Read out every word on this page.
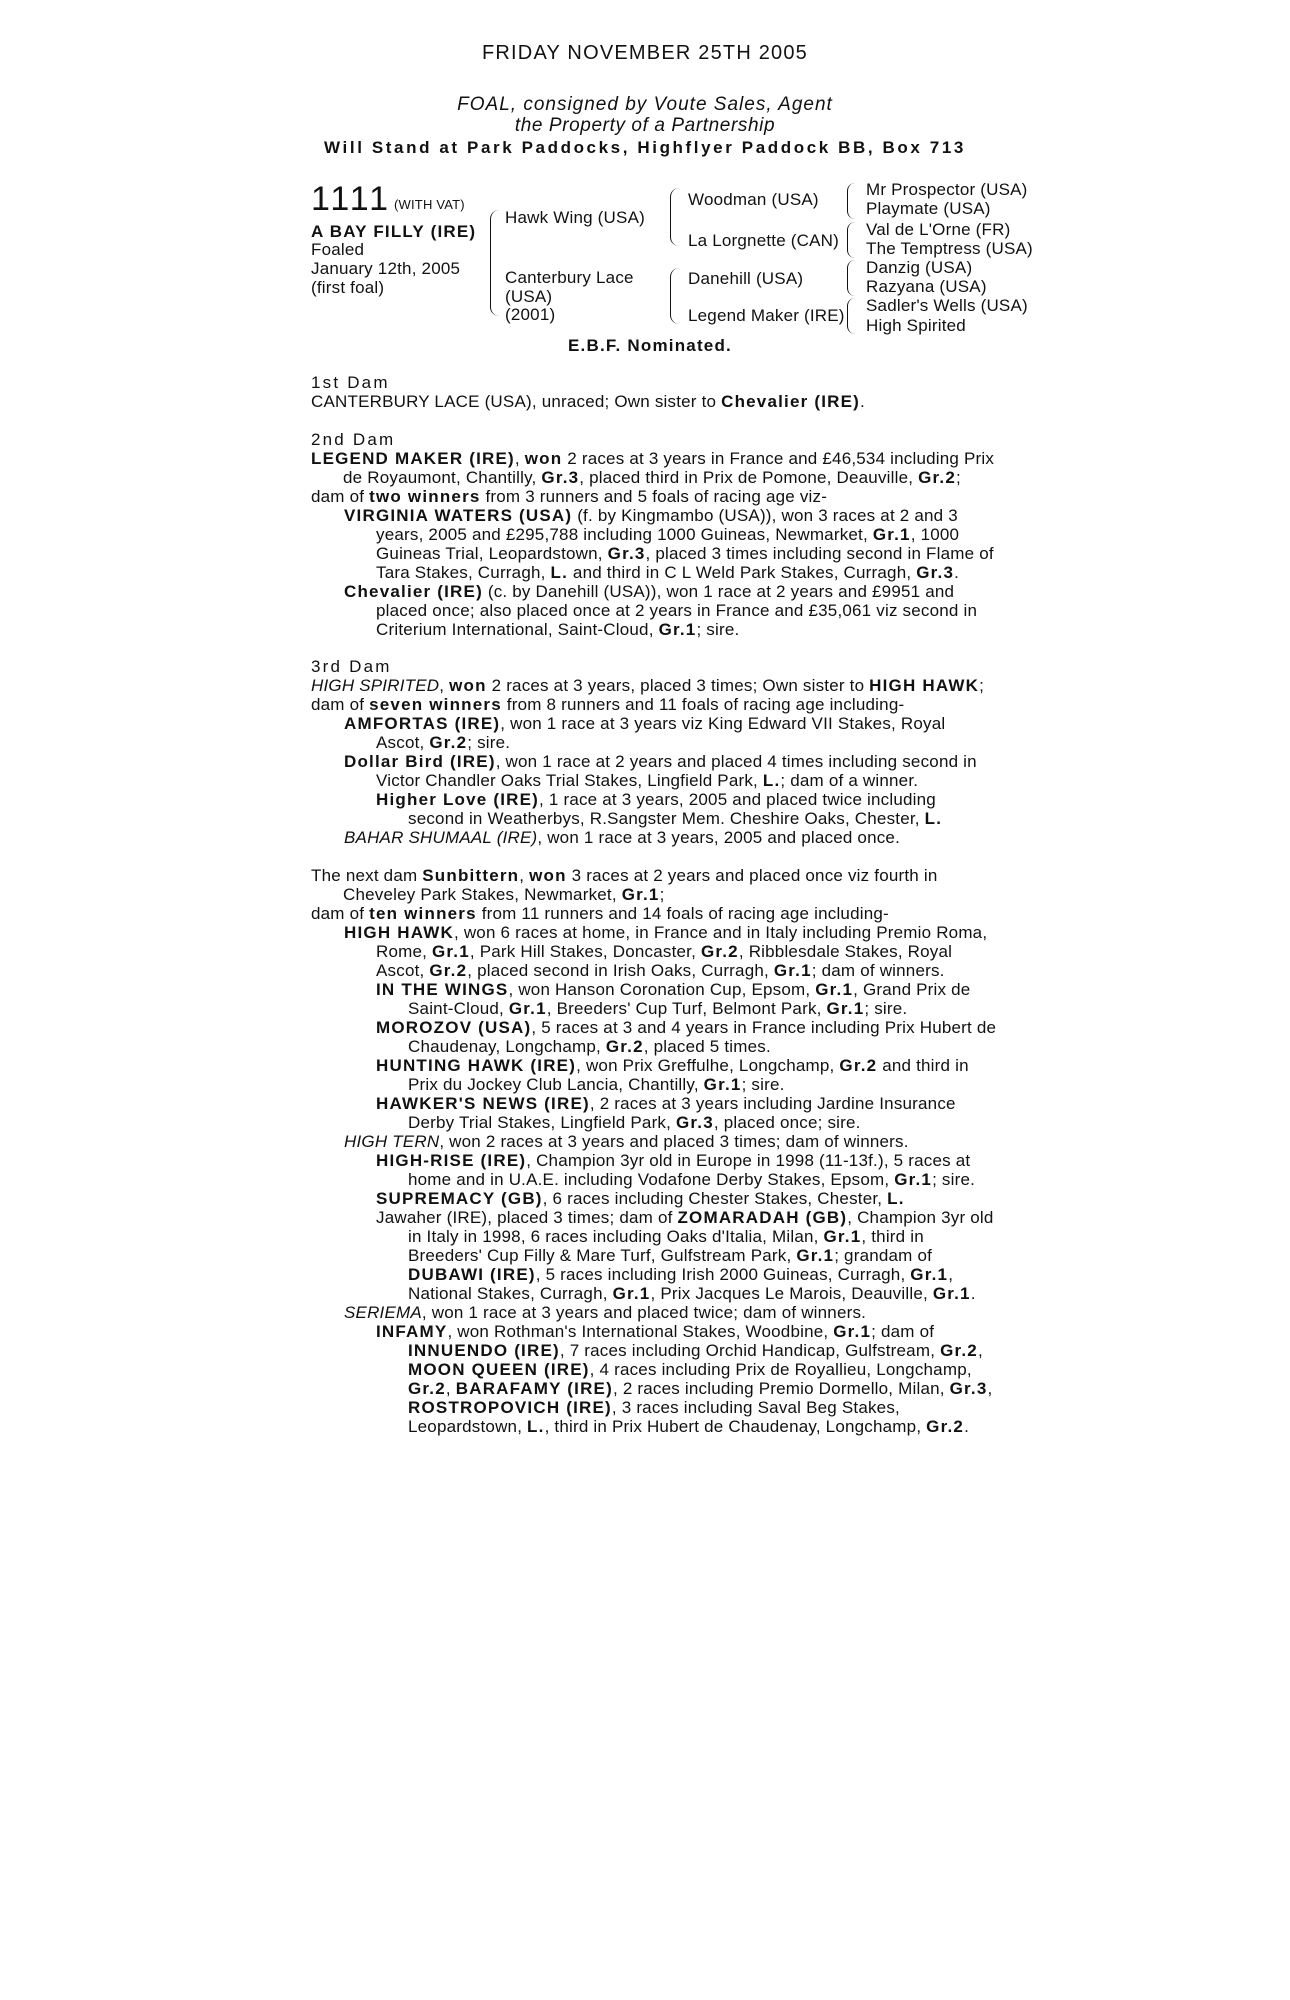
FRIDAY NOVEMBER 25TH 2005
FOAL, consigned by Voute Sales, Agent
the Property of a Partnership
Will Stand at Park Paddocks, Highflyer Paddock BB, Box 713
1111 (WITH VAT)
A BAY FILLY (IRE)
Foaled
January 12th, 2005
(first foal)
Hawk Wing (USA)
Canterbury Lace
(USA)
(2001)
Woodman (USA)
La Lorgnette (CAN)
Danehill (USA)
Legend Maker (IRE)
Mr Prospector (USA)
Playmate (USA)
Val de L'Orne (FR)
The Temptress (USA)
Danzig (USA)
Razyana (USA)
Sadler's Wells (USA)
High Spirited
E.B.F. Nominated.
1st Dam
CANTERBURY LACE (USA), unraced; Own sister to Chevalier (IRE).
2nd Dam
LEGEND MAKER (IRE), won 2 races at 3 years in France and £46,534 including Prix
de Royaumont, Chantilly, Gr.3, placed third in Prix de Pomone, Deauville, Gr.2;
dam of two winners from 3 runners and 5 foals of racing age viz-
VIRGINIA WATERS (USA) (f. by Kingmambo (USA)), won 3 races at 2 and 3
years, 2005 and £295,788 including 1000 Guineas, Newmarket, Gr.1, 1000
Guineas Trial, Leopardstown, Gr.3, placed 3 times including second in Flame of
Tara Stakes, Curragh, L. and third in C L Weld Park Stakes, Curragh, Gr.3.
Chevalier (IRE) (c. by Danehill (USA)), won 1 race at 2 years and £9951 and
placed once; also placed once at 2 years in France and £35,061 viz second in
Criterium International, Saint-Cloud, Gr.1; sire.
3rd Dam
HIGH SPIRITED, won 2 races at 3 years, placed 3 times; Own sister to HIGH HAWK;
dam of seven winners from 8 runners and 11 foals of racing age including-
AMFORTAS (IRE), won 1 race at 3 years viz King Edward VII Stakes, Royal
Ascot, Gr.2; sire.
Dollar Bird (IRE), won 1 race at 2 years and placed 4 times including second in
Victor Chandler Oaks Trial Stakes, Lingfield Park, L.; dam of a winner.
Higher Love (IRE), 1 race at 3 years, 2005 and placed twice including
second in Weatherbys, R.Sangster Mem. Cheshire Oaks, Chester, L.
BAHAR SHUMAAL (IRE), won 1 race at 3 years, 2005 and placed once.
The next dam Sunbittern, won 3 races at 2 years and placed once viz fourth in
Cheveley Park Stakes, Newmarket, Gr.1;
dam of ten winners from 11 runners and 14 foals of racing age including-
HIGH HAWK, won 6 races at home, in France and in Italy including Premio Roma,
Rome, Gr.1, Park Hill Stakes, Doncaster, Gr.2, Ribblesdale Stakes, Royal
Ascot, Gr.2, placed second in Irish Oaks, Curragh, Gr.1; dam of winners.
IN THE WINGS, won Hanson Coronation Cup, Epsom, Gr.1, Grand Prix de
Saint-Cloud, Gr.1, Breeders' Cup Turf, Belmont Park, Gr.1; sire.
MOROZOV (USA), 5 races at 3 and 4 years in France including Prix Hubert de
Chaudenay, Longchamp, Gr.2, placed 5 times.
HUNTING HAWK (IRE), won Prix Greffulhe, Longchamp, Gr.2 and third in
Prix du Jockey Club Lancia, Chantilly, Gr.1; sire.
HAWKER'S NEWS (IRE), 2 races at 3 years including Jardine Insurance
Derby Trial Stakes, Lingfield Park, Gr.3, placed once; sire.
HIGH TERN, won 2 races at 3 years and placed 3 times; dam of winners.
HIGH-RISE (IRE), Champion 3yr old in Europe in 1998 (11-13f.), 5 races at
home and in U.A.E. including Vodafone Derby Stakes, Epsom, Gr.1; sire.
SUPREMACY (GB), 6 races including Chester Stakes, Chester, L.
Jawaher (IRE), placed 3 times; dam of ZOMARADAH (GB), Champion 3yr old
in Italy in 1998, 6 races including Oaks d'Italia, Milan, Gr.1, third in
Breeders' Cup Filly & Mare Turf, Gulfstream Park, Gr.1; grandam of
DUBAWI (IRE), 5 races including Irish 2000 Guineas, Curragh, Gr.1,
National Stakes, Curragh, Gr.1, Prix Jacques Le Marois, Deauville, Gr.1.
SERIEMA, won 1 race at 3 years and placed twice; dam of winners.
INFAMY, won Rothman's International Stakes, Woodbine, Gr.1; dam of
INNUENDO (IRE), 7 races including Orchid Handicap, Gulfstream, Gr.2,
MOON QUEEN (IRE), 4 races including Prix de Royallieu, Longchamp,
Gr.2, BARAFAMY (IRE), 2 races including Premio Dormello, Milan, Gr.3,
ROSTROPOVICH (IRE), 3 races including Saval Beg Stakes,
Leopardstown, L., third in Prix Hubert de Chaudenay, Longchamp, Gr.2.
